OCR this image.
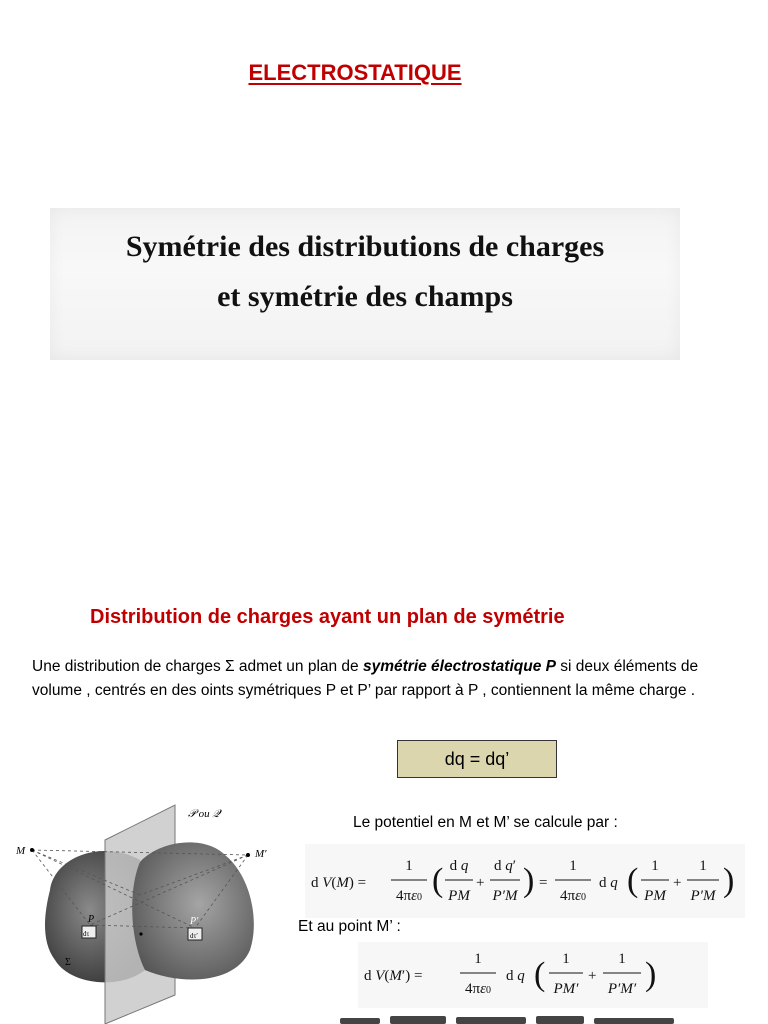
ELECTROSTATIQUE
Symétrie des distributions de charges
et symétrie des champs
Distribution de charges ayant un plan de symétrie
Une distribution de charges Σ admet un plan de symétrie électrostatique P si deux éléments de volume , centrés en des oints symétriques P et P’ par rapport à P , contiennent la même charge .
dq = dq’
𝒫 ou 𝒬
M	M′
P	P′
dτ	dτ′
Σ
Le potentiel en M et M’ se calcule par :
d V(M) =
1
4πε0 ( d q
PM
+
d q′
P′M ) =
1
4πε0
d q ( 1
PM
+
1
P′M )
Et au point M’ :
d V(M′) =
1
4πε0
d q ( 1
PM′
+
1
P′M′ )
